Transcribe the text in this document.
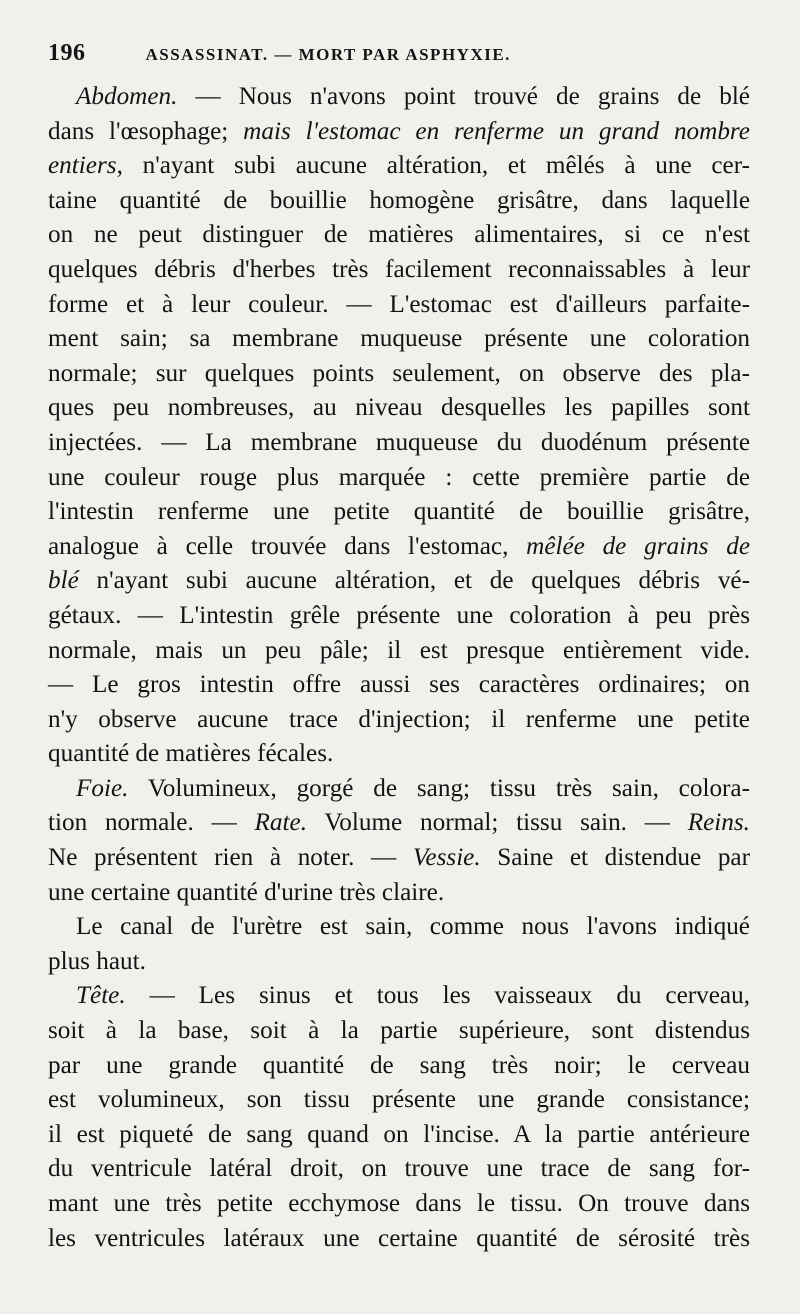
196	ASSASSINAT. — MORT PAR ASPHYXIE.
Abdomen. — Nous n'avons point trouvé de grains de blé
dans l'œsophage; mais l'estomac en renferme un grand nombre
entiers, n'ayant subi aucune altération, et mêlés à une cer-
taine quantité de bouillie homogène grisâtre, dans laquelle
on ne peut distinguer de matières alimentaires, si ce n'est
quelques débris d'herbes très facilement reconnaissables à leur
forme et à leur couleur. — L'estomac est d'ailleurs parfaite-
ment sain; sa membrane muqueuse présente une coloration
normale; sur quelques points seulement, on observe des pla-
ques peu nombreuses, au niveau desquelles les papilles sont
injectées. — La membrane muqueuse du duodénum présente
une couleur rouge plus marquée : cette première partie de
l'intestin renferme une petite quantité de bouillie grisâtre,
analogue à celle trouvée dans l'estomac, mêlée de grains de
blé n'ayant subi aucune altération, et de quelques débris vé-
gétaux. — L'intestin grêle présente une coloration à peu près
normale, mais un peu pâle; il est presque entièrement vide.
— Le gros intestin offre aussi ses caractères ordinaires; on
n'y observe aucune trace d'injection; il renferme une petite
quantité de matières fécales.
Foie. Volumineux, gorgé de sang; tissu très sain, colora-
tion normale. — Rate. Volume normal; tissu sain. — Reins.
Ne présentent rien à noter. — Vessie. Saine et distendue par
une certaine quantité d'urine très claire.
Le canal de l'urètre est sain, comme nous l'avons indiqué
plus haut.
Tête. — Les sinus et tous les vaisseaux du cerveau,
soit à la base, soit à la partie supérieure, sont distendus
par une grande quantité de sang très noir; le cerveau
est volumineux, son tissu présente une grande consistance;
il est piqueté de sang quand on l'incise. A la partie antérieure
du ventricule latéral droit, on trouve une trace de sang for-
mant une très petite ecchymose dans le tissu. On trouve dans
les ventricules latéraux une certaine quantité de sérosité très
